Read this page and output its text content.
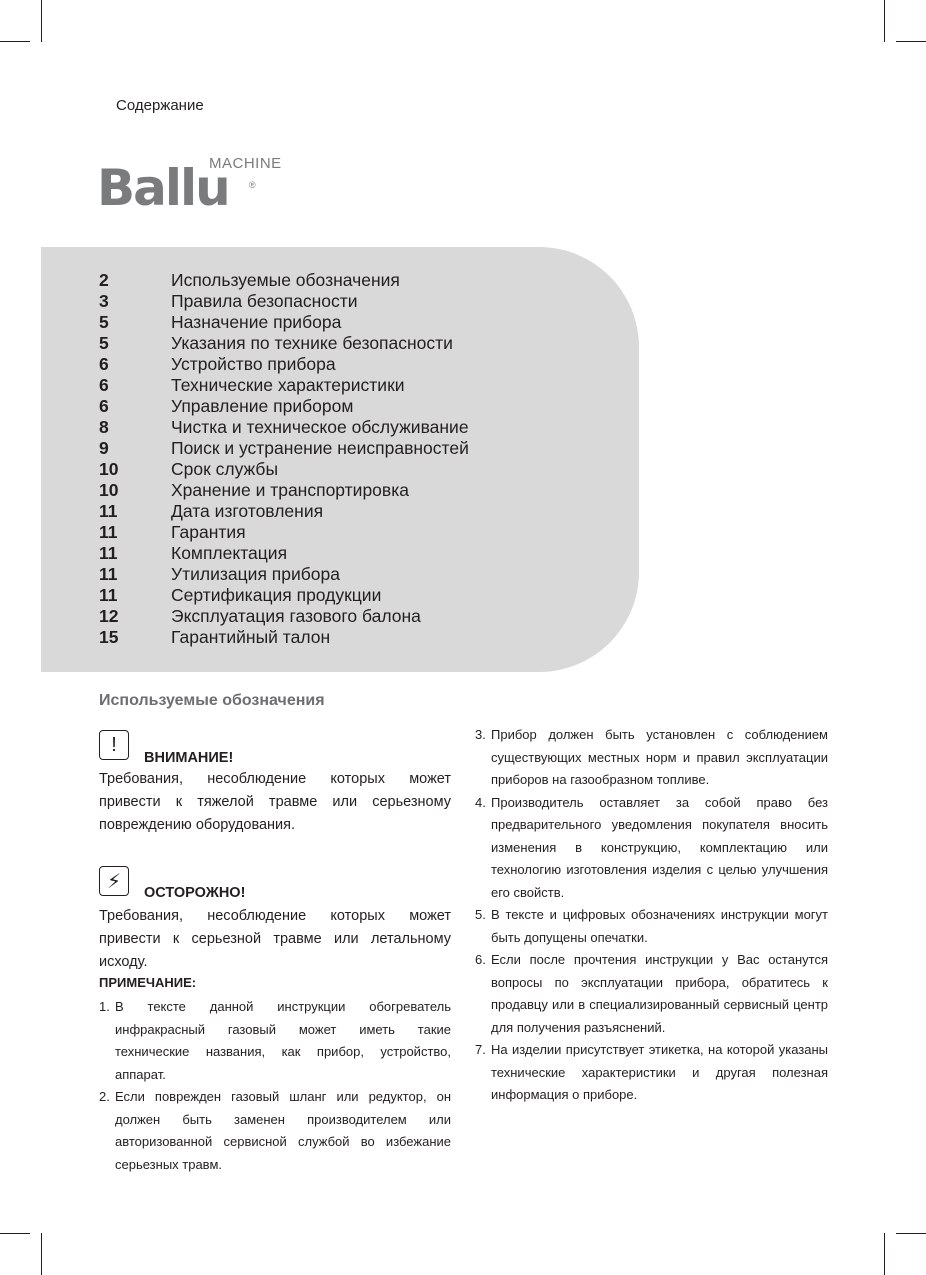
Содержание
Ballu
MACHINE
®
2	Используемые обозначения
3	Правила безопасности
5	Назначение прибора
5	Указания по технике безопасности
6	Устройство прибора
6	Технические характеристики
6	Управление прибором
8	Чистка и техническое обслуживание
9	Поиск и устранение неисправностей
10	Срок службы
10	Хранение и транспортировка
11	Дата изготовления
11	Гарантия
11	Комплектация
11	Утилизация прибора
11	Сертификация продукции
12	Эксплуатация газового балона
15	Гарантийный талон
Используемые обозначения
!
ВНИМАНИЕ!
Требования, несоблюдение которых может привести к тяжелой травме или серьезному повреждению оборудования.
⚡
ОСТОРОЖНО!
Требования, несоблюдение которых может привести к серьезной травме или летальному исходу.
ПРИМЕЧАНИЕ:
1. В тексте данной инструкции обогреватель инфракрасный газовый может иметь такие технические названия, как прибор, устройство, аппарат.
2. Если поврежден газовый шланг или редуктор, он должен быть заменен производителем или авторизованной сервисной службой во избежание серьезных травм.
3. Прибор должен быть установлен с соблюдением существующих местных норм и правил эксплуатации приборов на газообразном топливе.
4. Производитель оставляет за собой право без предварительного уведомления покупателя вносить изменения в конструкцию, комплектацию или технологию изготовления изделия с целью улучшения его свойств.
5. В тексте и цифровых обозначениях инструкции могут быть допущены опечатки.
6. Если после прочтения инструкции у Вас останутся вопросы по эксплуатации прибора, обратитесь к продавцу или в специализированный сервисный центр для получения разъяснений.
7. На изделии присутствует этикетка, на которой указаны технические характеристики и другая полезная информация о приборе.
